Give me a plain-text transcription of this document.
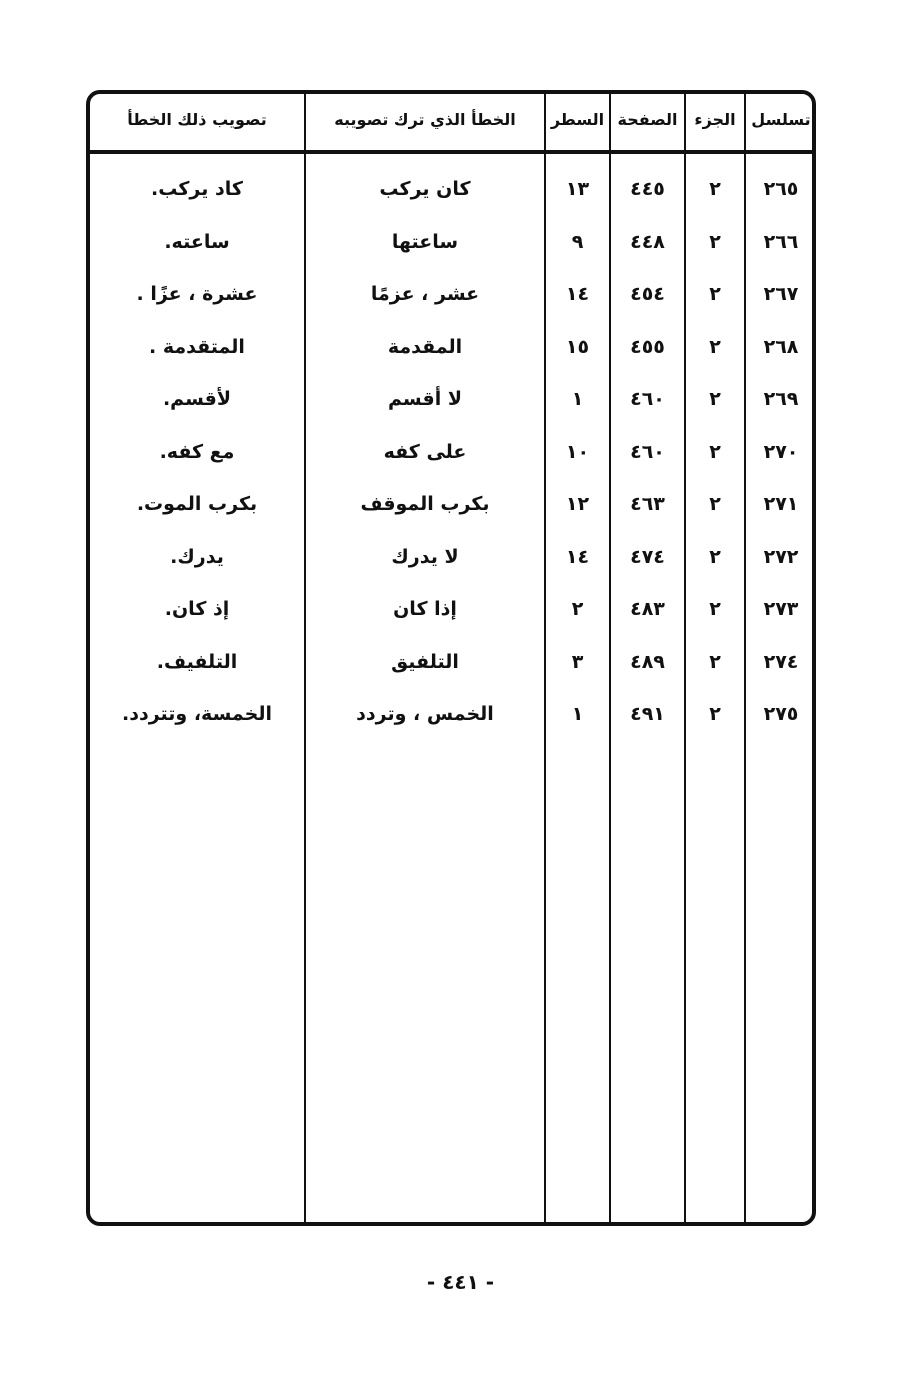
تسلسل
الجزء
الصفحة
السطر
الخطأ الذي ترك تصويبه
تصويب ذلك الخطأ
٢٦٥
٢
٤٤٥
١٣
كان يركب
كاد يركب.
٢٦٦
٢
٤٤٨
٩
ساعتها
ساعته.
٢٦٧
٢
٤٥٤
١٤
عشر ، عزمًا
عشرة ، عزًا .
٢٦٨
٢
٤٥٥
١٥
المقدمة
المتقدمة .
٢٦٩
٢
٤٦٠
١
لا أقسم
لأقسم.
٢٧٠
٢
٤٦٠
١٠
على كفه
مع كفه.
٢٧١
٢
٤٦٣
١٢
بكرب الموقف
بكرب الموت.
٢٧٢
٢
٤٧٤
١٤
لا يدرك
يدرك.
٢٧٣
٢
٤٨٣
٢
إذا كان
إذ كان.
٢٧٤
٢
٤٨٩
٣
التلفيق
التلفيف.
٢٧٥
٢
٤٩١
١
الخمس ، وتردد
الخمسة، وتتردد.
- ٤٤١ -
